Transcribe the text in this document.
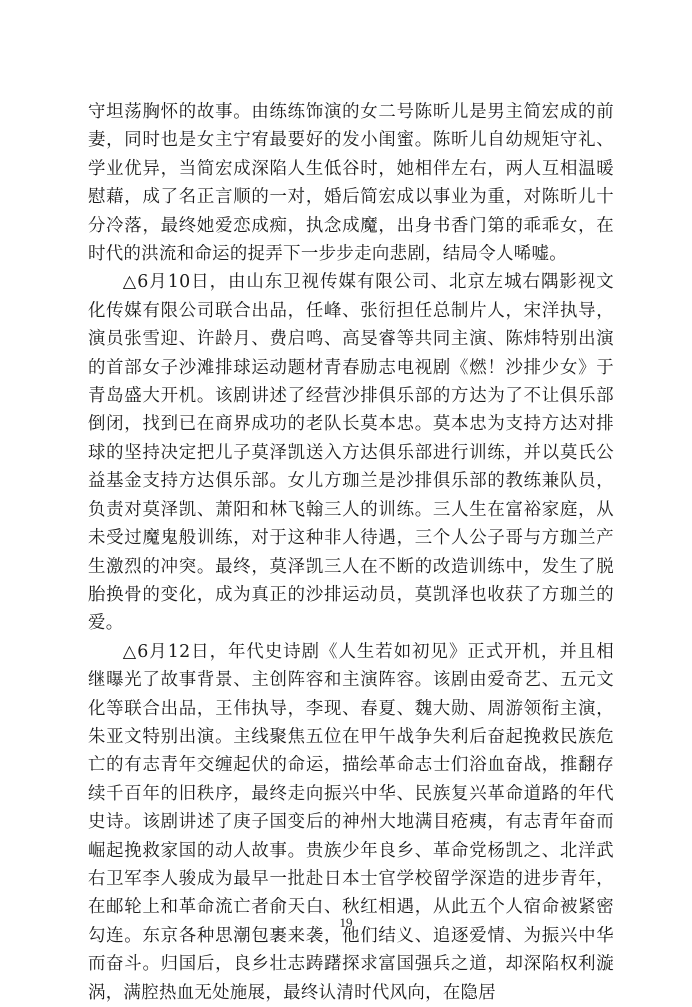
守坦荡胸怀的故事。由练练饰演的女二号陈昕儿是男主简宏成的前妻，同时也是女主宁宥最要好的发小闺蜜。陈昕儿自幼规矩守礼、学业优异，当简宏成深陷人生低谷时，她相伴左右，两人互相温暖慰藉，成了名正言顺的一对，婚后简宏成以事业为重，对陈昕儿十分冷落，最终她爱恋成痴，执念成魔，出身书香门第的乖乖女，在时代的洪流和命运的捉弄下一步步走向悲剧，结局令人唏嘘。

△6月10日，由山东卫视传媒有限公司、北京左城右隅影视文化传媒有限公司联合出品，任峰、张衍担任总制片人，宋洋执导，演员张雪迎、许龄月、费启鸣、高旻睿等共同主演、陈炜特别出演的首部女子沙滩排球运动题材青春励志电视剧《燃！沙排少女》于青岛盛大开机。该剧讲述了经营沙排俱乐部的方达为了不让俱乐部倒闭，找到已在商界成功的老队长莫本忠。莫本忠为支持方达对排球的坚持决定把儿子莫泽凯送入方达俱乐部进行训练，并以莫氏公益基金支持方达俱乐部。女儿方珈兰是沙排俱乐部的教练兼队员，负责对莫泽凯、萧阳和林飞翰三人的训练。三人生在富裕家庭，从未受过魔鬼般训练，对于这种非人待遇，三个人公子哥与方珈兰产生激烈的冲突。最终，莫泽凯三人在不断的改造训练中，发生了脱胎换骨的变化，成为真正的沙排运动员，莫凯泽也收获了方珈兰的爱。

△6月12日，年代史诗剧《人生若如初见》正式开机，并且相继曝光了故事背景、主创阵容和主演阵容。该剧由爱奇艺、五元文化等联合出品，王伟执导，李现、春夏、魏大勋、周游领衔主演，朱亚文特别出演。主线聚焦五位在甲午战争失利后奋起挽救民族危亡的有志青年交缠起伏的命运，描绘革命志士们浴血奋战，推翻存续千百年的旧秩序，最终走向振兴中华、民族复兴革命道路的年代史诗。该剧讲述了庚子国变后的神州大地满目疮痍，有志青年奋而崛起挽救家国的动人故事。贵族少年良乡、革命党杨凯之、北洋武右卫军李人骏成为最早一批赴日本士官学校留学深造的进步青年，在邮轮上和革命流亡者俞天白、秋红相遇，从此五个人宿命被紧密勾连。东京各种思潮包裹来袭，他们结义、追逐爱情、为振兴中华而奋斗。归国后，良乡壮志踌躇探求富国强兵之道，却深陷权利漩涡，满腔热血无处施展，最终认清时代风向，在隐居

19
